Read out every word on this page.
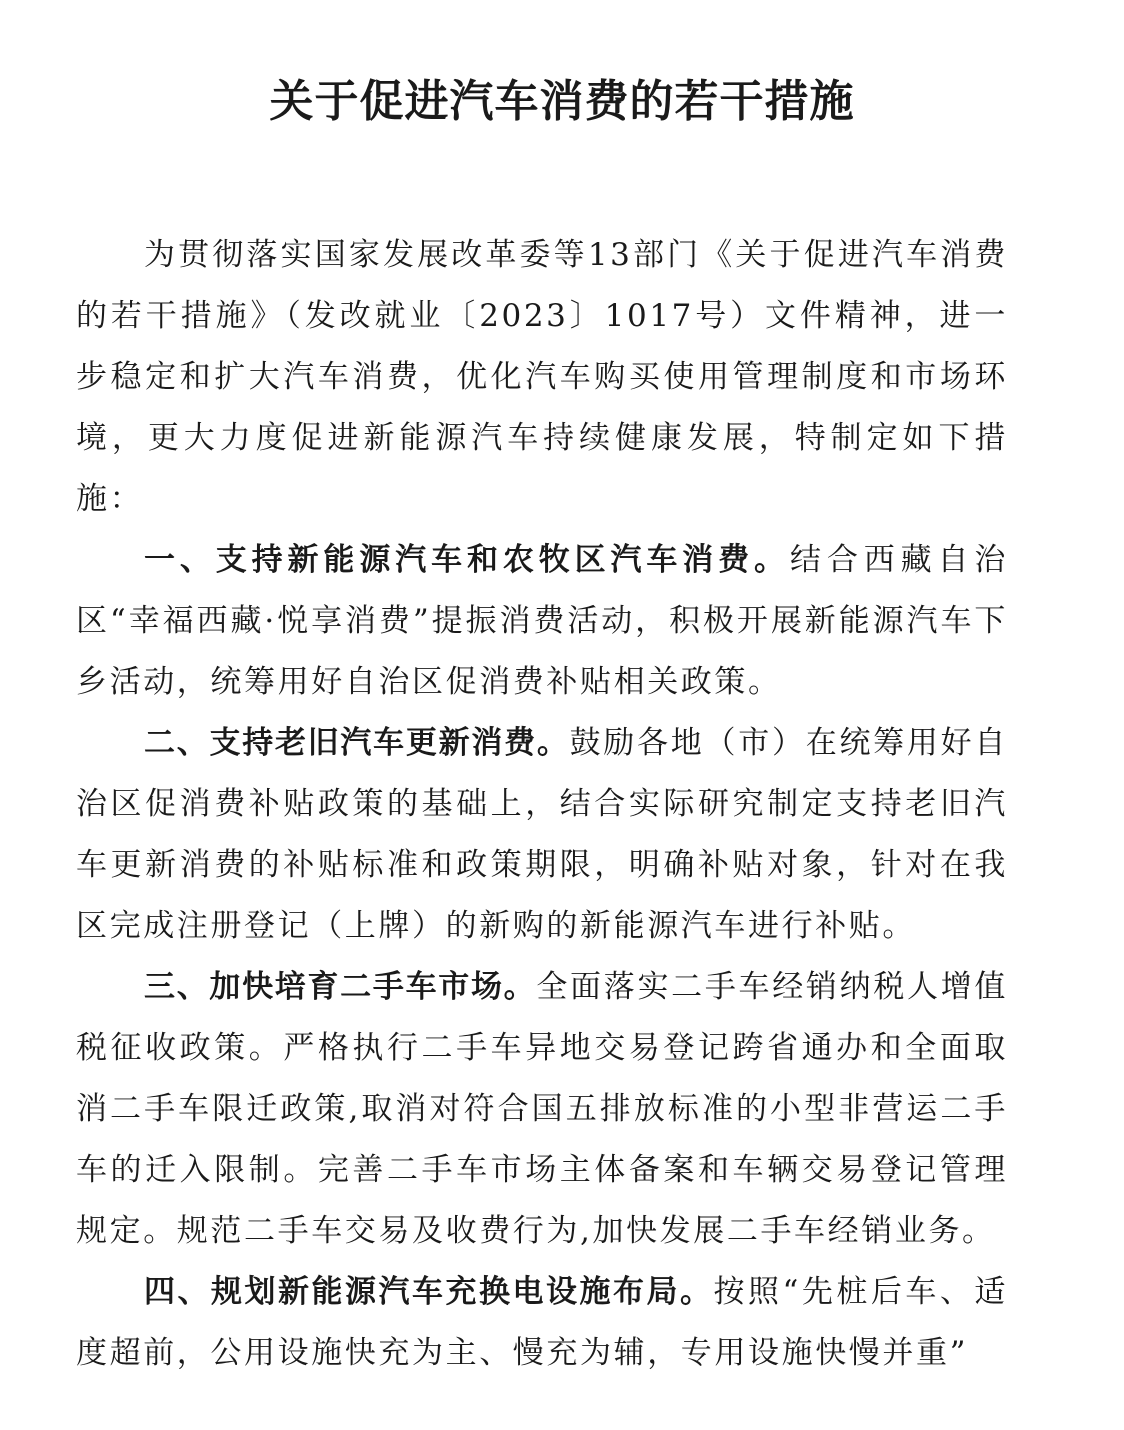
关于促进汽车消费的若干措施

为贯彻落实国家发展改革委等13部门《关于促进汽车消费的若干措施》（发改就业〔2023〕1017号）文件精神，进一步稳定和扩大汽车消费，优化汽车购买使用管理制度和市场环境，更大力度促进新能源汽车持续健康发展，特制定如下措施：

一、支持新能源汽车和农牧区汽车消费。结合西藏自治区“幸福西藏·悦享消费”提振消费活动，积极开展新能源汽车下乡活动，统筹用好自治区促消费补贴相关政策。

二、支持老旧汽车更新消费。鼓励各地（市）在统筹用好自治区促消费补贴政策的基础上，结合实际研究制定支持老旧汽车更新消费的补贴标准和政策期限，明确补贴对象，针对在我区完成注册登记（上牌）的新购的新能源汽车进行补贴。

三、加快培育二手车市场。全面落实二手车经销纳税人增值税征收政策。严格执行二手车异地交易登记跨省通办和全面取消二手车限迁政策,取消对符合国五排放标准的小型非营运二手车的迁入限制。完善二手车市场主体备案和车辆交易登记管理规定。规范二手车交易及收费行为,加快发展二手车经销业务。

四、规划新能源汽车充换电设施布局。按照“先桩后车、适度超前，公用设施快充为主、慢充为辅，专用设施快慢并重”
